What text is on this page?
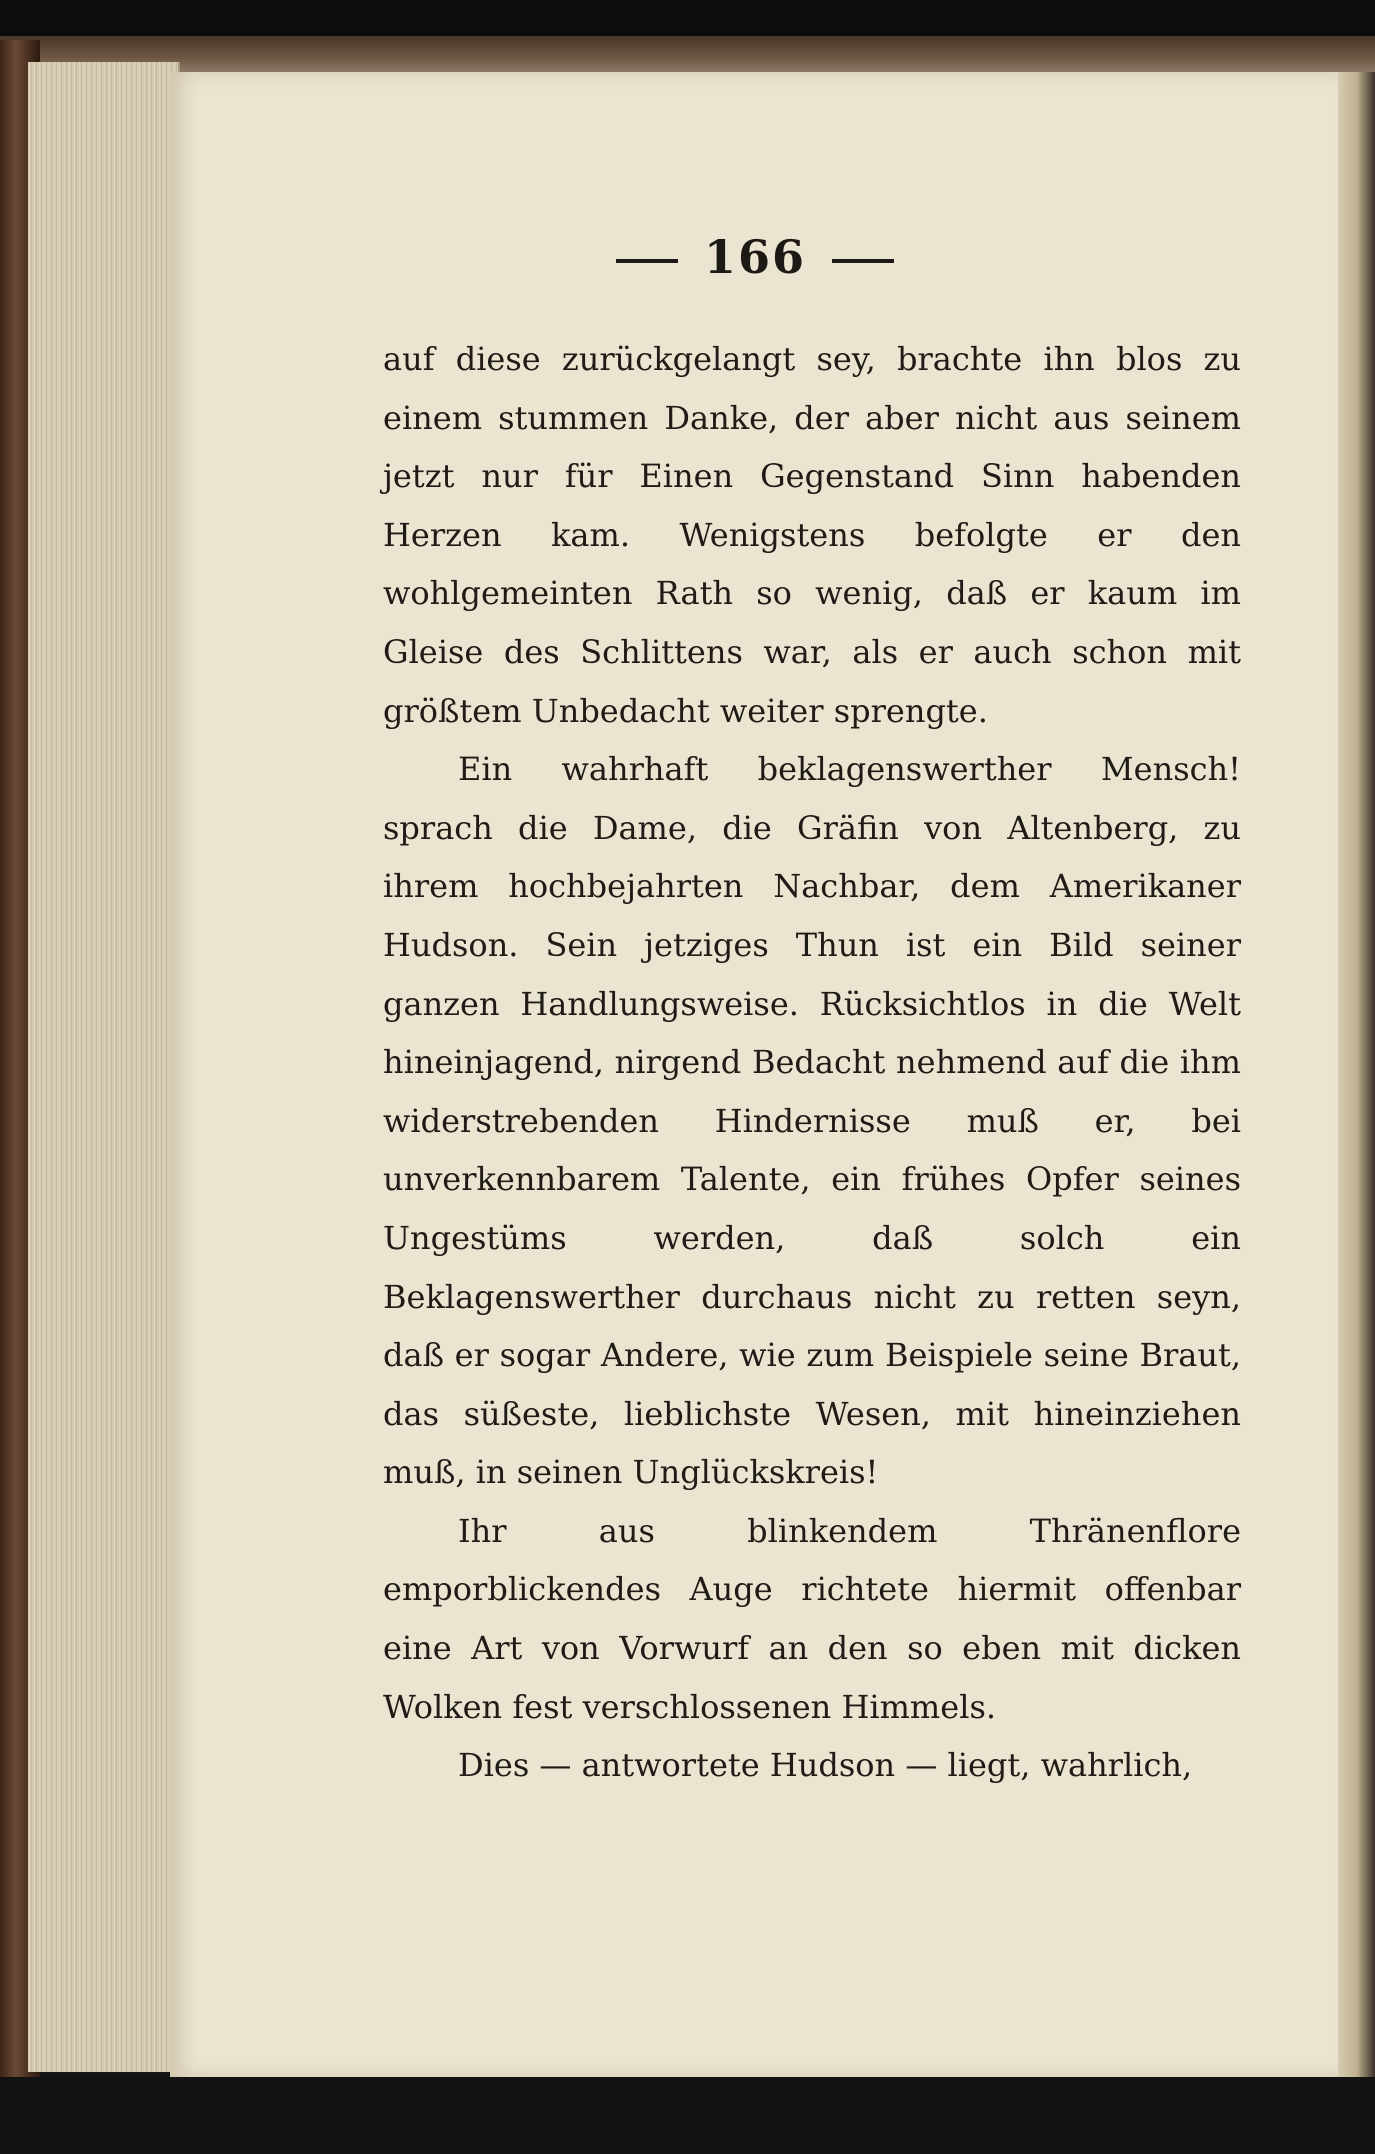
166

auf diese zurückgelangt sey, brachte ihn blos zu einem stummen Danke, der aber nicht aus seinem jetzt nur für Einen Gegenstand Sinn habenden Herzen kam. Wenigstens befolgte er den wohlgemeinten Rath so wenig, daß er kaum im Gleise des Schlittens war, als er auch schon mit größtem Unbedacht weiter sprengte.

Ein wahrhaft beklagenswerther Mensch! sprach die Dame, die Gräfin von Altenberg, zu ihrem hochbejahrten Nachbar, dem Amerikaner Hudson. Sein jetziges Thun ist ein Bild seiner ganzen Handlungsweise. Rücksichtlos in die Welt hineinjagend, nirgend Bedacht nehmend auf die ihm widerstrebenden Hindernisse muß er, bei unverkennbarem Talente, ein frühes Opfer seines Ungestüms werden, daß solch ein Beklagenswerther durchaus nicht zu retten seyn, daß er sogar Andere, wie zum Beispiele seine Braut, das süßeste, lieblichste Wesen, mit hineinziehen muß, in seinen Unglückskreis!

Ihr aus blinkendem Thränenflore emporblickendes Auge richtete hiermit offenbar eine Art von Vorwurf an den so eben mit dicken Wolken fest verschlossenen Himmels.

Dies — antwortete Hudson — liegt, wahrlich,
